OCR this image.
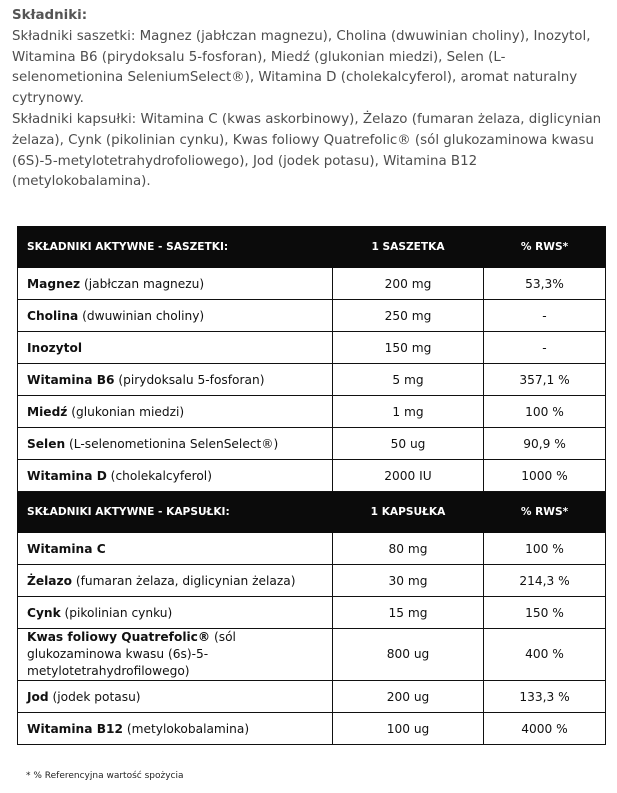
Składniki:

Składniki saszetki: Magnez (jabłczan magnezu), Cholina (dwuwinian choliny), Inozytol, Witamina B6 (pirydoksalu 5-fosforan), Miedź (glukonian miedzi), Selen (L-selenometionina SeleniumSelect®), Witamina D (cholekalcyferol), aromat naturalny cytrynowy.

Składniki kapsułki: Witamina C (kwas askorbinowy), Żelazo (fumaran żelaza, diglicynian żelaza), Cynk (pikolinian cynku), Kwas foliowy Quatrefolic® (sól glukozaminowa kwasu (6S)-5-metylotetrahydrofoliowego), Jod (jodek potasu), Witamina B12 (metylokobalamina).

SKŁADNIKI AKTYWNE - SASZETKI:	1 SASZETKA	% RWS*
Magnez (jabłczan magnezu)	200 mg	53,3%
Cholina (dwuwinian choliny)	250 mg	-
Inozytol	150 mg	-
Witamina B6 (pirydoksalu 5-fosforan)	5 mg	357,1 %
Miedź (glukonian miedzi)	1 mg	100 %
Selen (L-selenometionina SelenSelect®)	50 ug	90,9 %
Witamina D (cholekalcyferol)	2000 IU	1000 %
SKŁADNIKI AKTYWNE - KAPSUŁKI:	1 KAPSUŁKA	% RWS*
Witamina C	80 mg	100 %
Żelazo (fumaran żelaza, diglicynian żelaza)	30 mg	214,3 %
Cynk (pikolinian cynku)	15 mg	150 %
Kwas foliowy Quatrefolic® (sól glukozaminowa kwasu (6s)-5-metylotetrahydrofilowego)	800 ug	400 %
Jod (jodek potasu)	200 ug	133,3 %
Witamina B12 (metylokobalamina)	100 ug	4000 %
* % Referencyjna wartość spożycia
